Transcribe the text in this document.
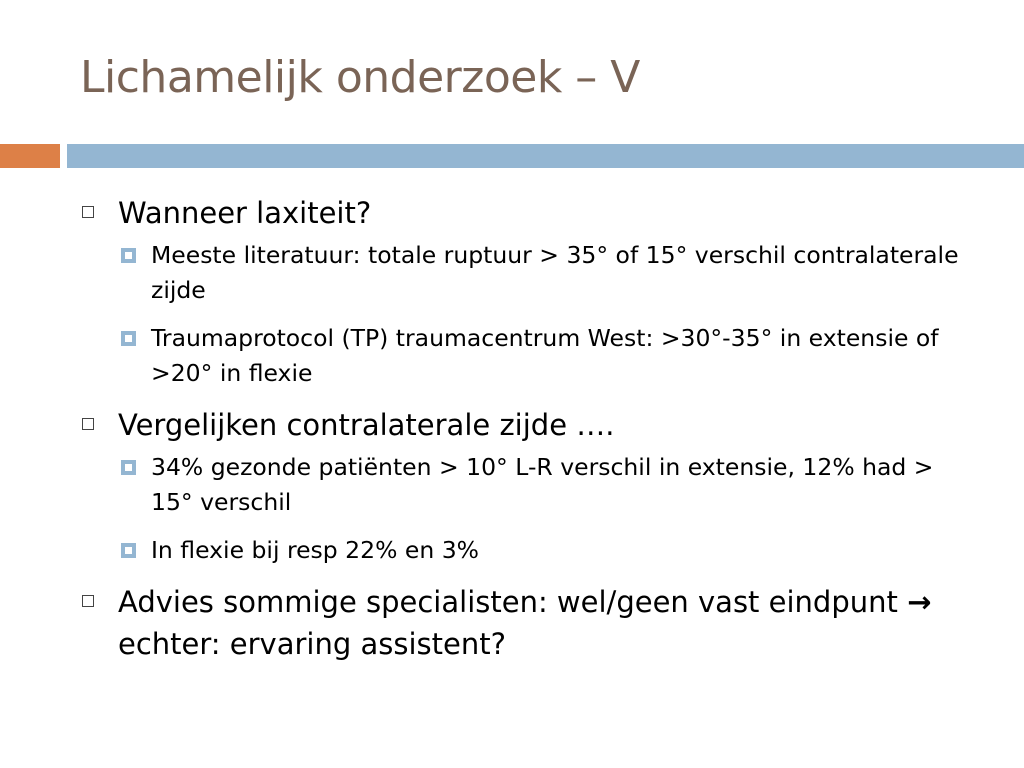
Lichamelijk onderzoek – V
Wanneer laxiteit?
Meeste literatuur: totale ruptuur > 35° of 15° verschil contralaterale zijde
Traumaprotocol (TP) traumacentrum West: >30°-35° in extensie of >20° in flexie
Vergelijken contralaterale zijde ….
34% gezonde patiënten > 10° L-R verschil in extensie, 12% had > 15° verschil
In flexie bij resp 22% en 3%
Advies sommige specialisten: wel/geen vast eindpunt → echter: ervaring assistent?
